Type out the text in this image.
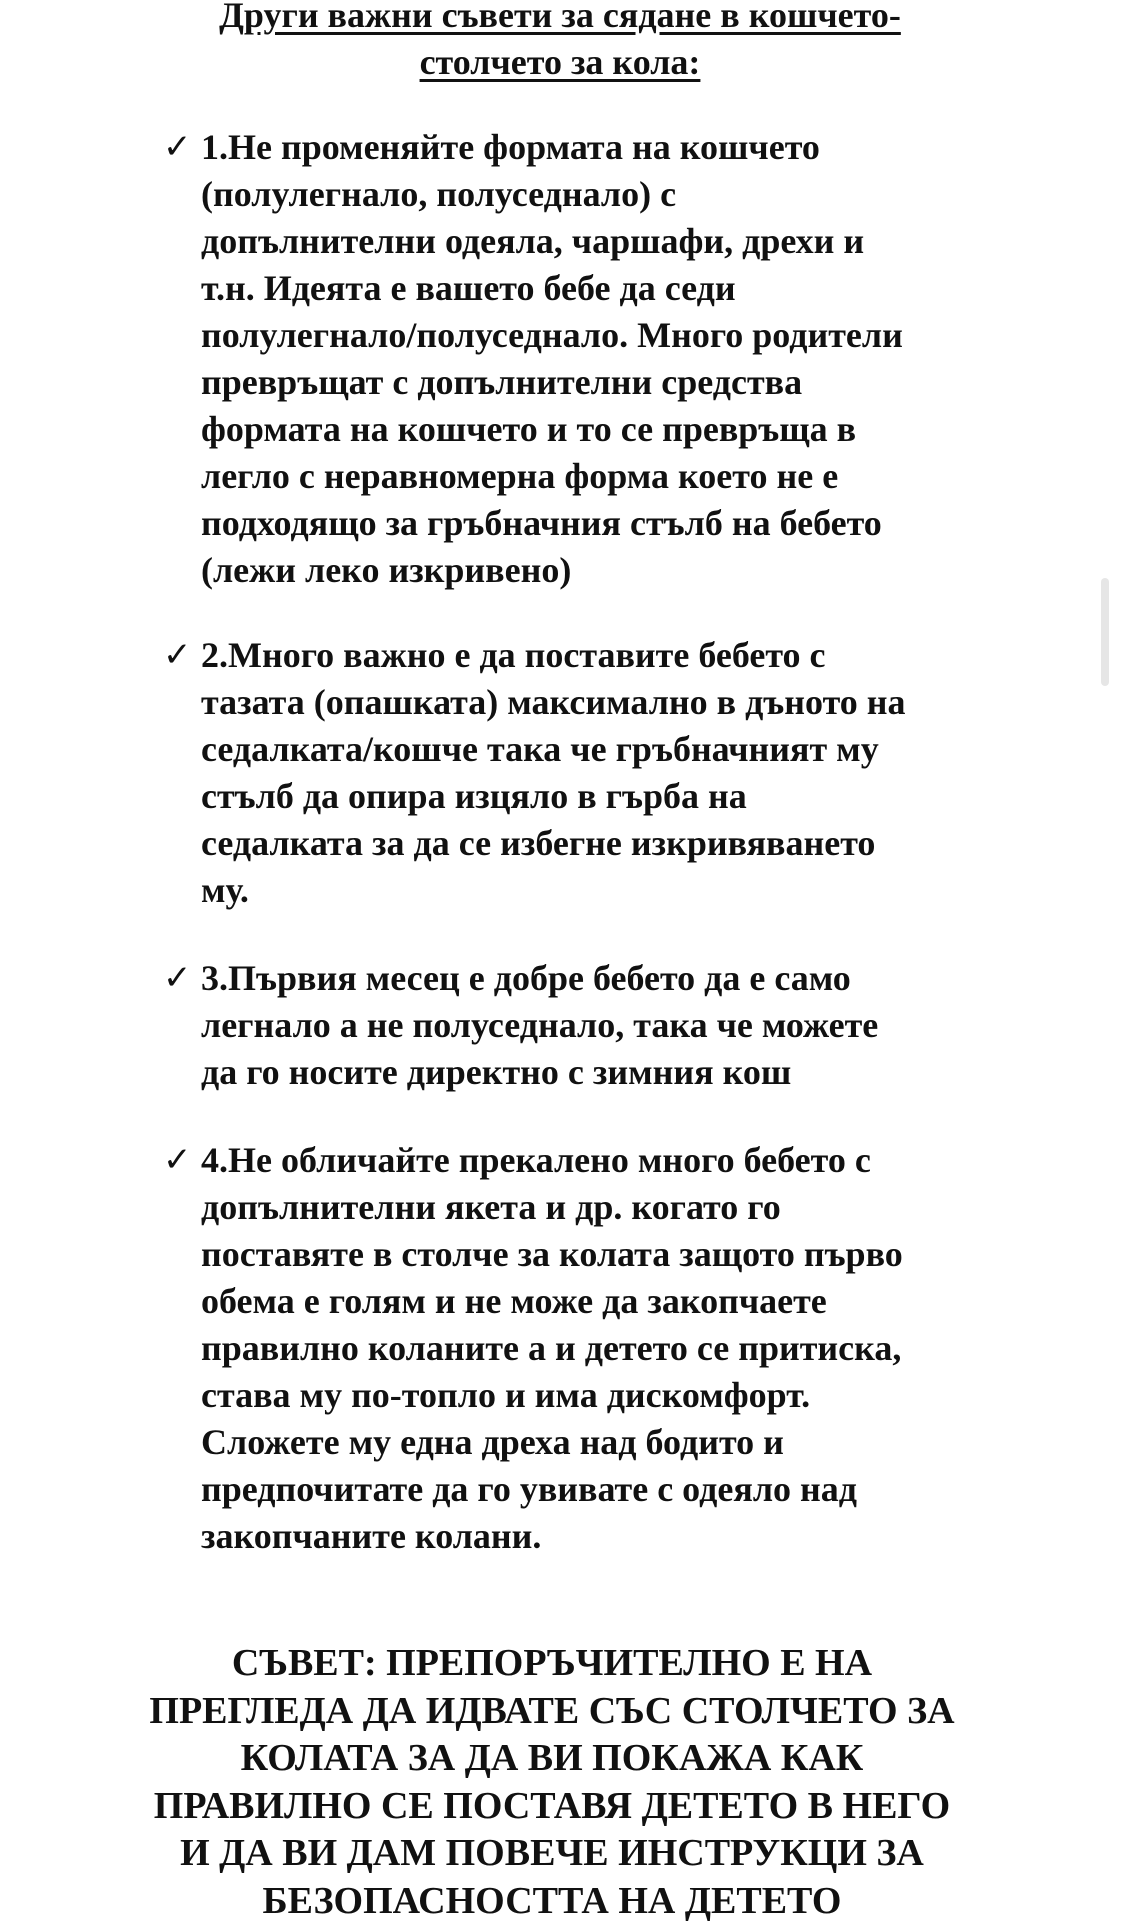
Други важни съвети за сядане в кошчето-
столчето за кола:
✓ 1.Не променяйте формата на кошчето
(полулегнало, полуседнало) с
допълнителни одеяла, чаршафи, дрехи и
т.н. Идеята е вашето бебе да седи
полулегнало/полуседнало. Много родители
превръщат с допълнителни средства
формата на кошчето и то се превръща в
легло с неравномерна форма което не е
подходящо за гръбначния стълб на бебето
(лежи леко изкривено)
✓ 2.Много важно е да поставите бебето с
тазата (опашката) максимално в дъното на
седалката/кошче така че гръбначният му
стълб да опира изцяло в гърба на
седалката за да се избегне изкривяването
му.
✓ 3.Първия месец е добре бебето да е само
легнало а не полуседнало, така че можете
да го носите директно с зимния кош
✓ 4.Не обличайте прекалено много бебето с
допълнителни якета и др. когато го
поставяте в столче за колата защото първо
обема е голям и не може да закопчаете
правилно коланите а и детето се притиска,
става му по-топло и има дискомфорт.
Сложете му една дреха над бодито и
предпочитате да го увивате с одеяло над
закопчаните колани.
СЪВЕТ: ПРЕПОРЪЧИТЕЛНО Е НА
ПРЕГЛЕДА ДА ИДВАТЕ СЪС СТОЛЧЕТО ЗА
КОЛАТА ЗА ДА ВИ ПОКАЖА КАК
ПРАВИЛНО СЕ ПОСТАВЯ ДЕТЕТО В НЕГО
И ДА ВИ ДАМ ПОВЕЧЕ ИНСТРУКЦИ ЗА
БЕЗОПАСНОСТТА НА ДЕТЕТО
